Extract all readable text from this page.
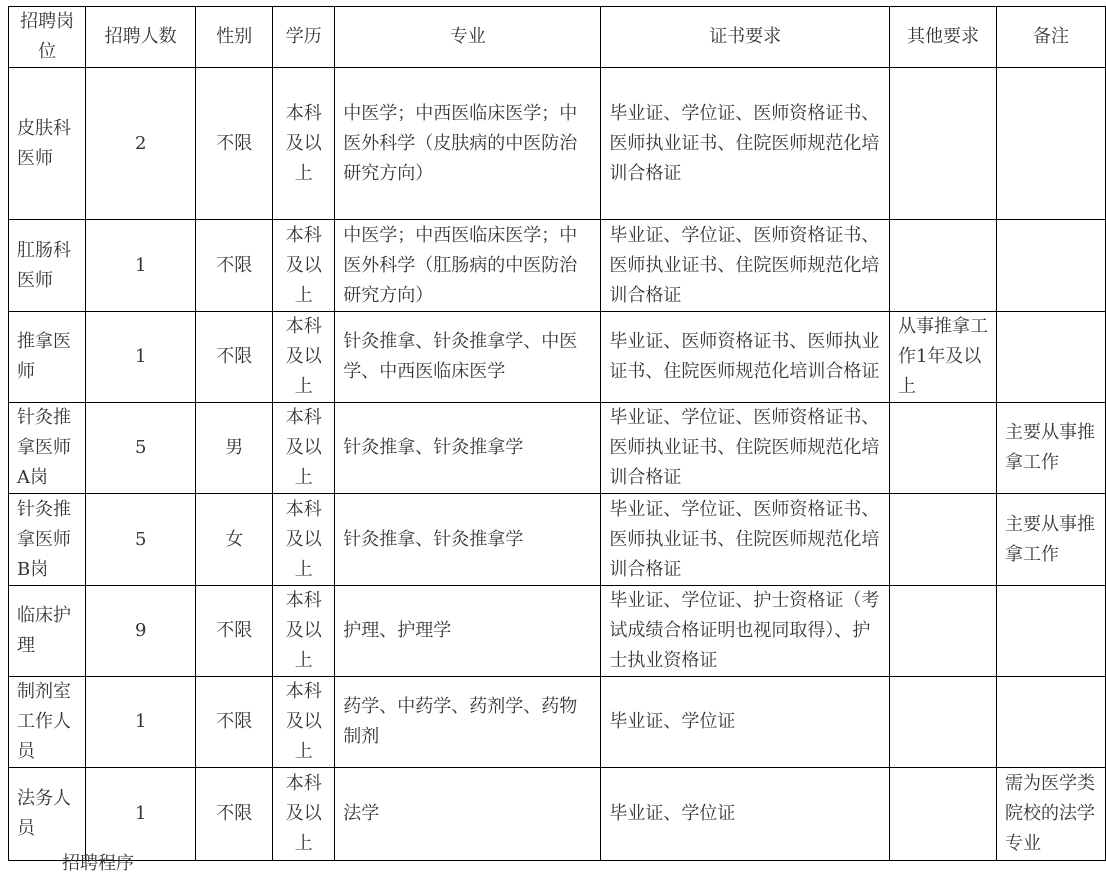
招聘岗位	招聘人数	性别	学历	专业	证书要求	其他要求	备注
皮肤科医师	2	不限	本科及以上	中医学；中西医临床医学；中医外科学（皮肤病的中医防治研究方向）	毕业证、学位证、医师资格证书、医师执业证书、住院医师规范化培训合格证		
肛肠科医师	1	不限	本科及以上	中医学；中西医临床医学；中医外科学（肛肠病的中医防治研究方向）	毕业证、学位证、医师资格证书、医师执业证书、住院医师规范化培训合格证		
推拿医师	1	不限	本科及以上	针灸推拿、针灸推拿学、中医学、中西医临床医学	毕业证、医师资格证书、医师执业证书、住院医师规范化培训合格证	从事推拿工作1年及以上	
针灸推拿医师A岗	5	男	本科及以上	针灸推拿、针灸推拿学	毕业证、学位证、医师资格证书、医师执业证书、住院医师规范化培训合格证		主要从事推拿工作
针灸推拿医师B岗	5	女	本科及以上	针灸推拿、针灸推拿学	毕业证、学位证、医师资格证书、医师执业证书、住院医师规范化培训合格证		主要从事推拿工作
临床护理	9	不限	本科及以上	护理、护理学	毕业证、学位证、护士资格证（考试成绩合格证明也视同取得）、护士执业资格证		
制剂室工作人员	1	不限	本科及以上	药学、中药学、药剂学、药物制剂	毕业证、学位证		
法务人员	1	不限	本科及以上	法学	毕业证、学位证		需为医学类院校的法学专业
招聘程序
